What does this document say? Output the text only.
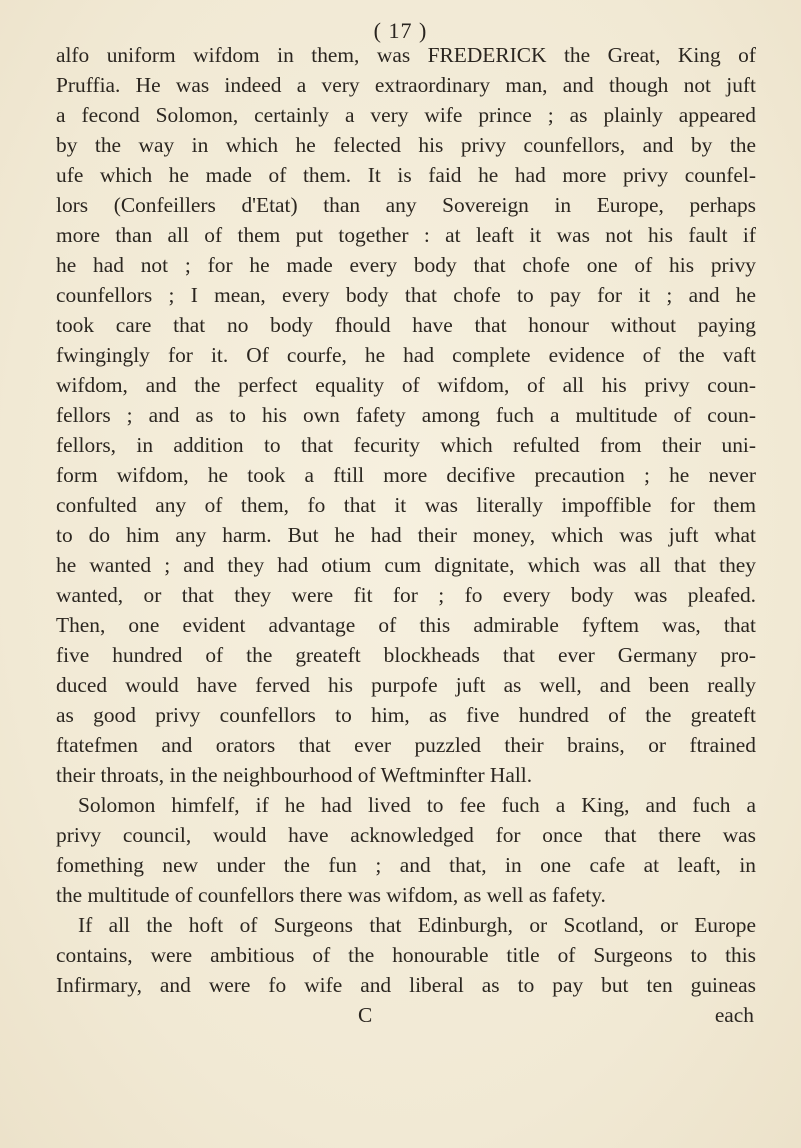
( 17 )
alfo uniform wifdom in them, was FREDERICK the Great, King of
Pruffia. He was indeed a very extraordinary man, and though not juft
a fecond Solomon, certainly a very wife prince ; as plainly appeared
by the way in which he felected his privy counfellors, and by the
ufe which he made of them. It is faid he had more privy counfel-
lors (Confeillers d'Etat) than any Sovereign in Europe, perhaps
more than all of them put together : at leaft it was not his fault if
he had not ; for he made every body that chofe one of his privy
counfellors ; I mean, every body that chofe to pay for it ; and he
took care that no body fhould have that honour without paying
fwingingly for it. Of courfe, he had complete evidence of the vaft
wifdom, and the perfect equality of wifdom, of all his privy coun-
fellors ; and as to his own fafety among fuch a multitude of coun-
fellors, in addition to that fecurity which refulted from their uni-
form wifdom, he took a ftill more decifive precaution ; he never
confulted any of them, fo that it was literally impoffible for them
to do him any harm. But he had their money, which was juft what
he wanted ; and they had otium cum dignitate, which was all that they
wanted, or that they were fit for ; fo every body was pleafed.
Then, one evident advantage of this admirable fyftem was, that
five hundred of the greateft blockheads that ever Germany pro-
duced would have ferved his purpofe juft as well, and been really
as good privy counfellors to him, as five hundred of the greateft
ftatefmen and orators that ever puzzled their brains, or ftrained
their throats, in the neighbourhood of Weftminfter Hall.
Solomon himfelf, if he had lived to fee fuch a King, and fuch a
privy council, would have acknowledged for once that there was
fomething new under the fun ; and that, in one cafe at leaft, in
the multitude of counfellors there was wifdom, as well as fafety.
If all the hoft of Surgeons that Edinburgh, or Scotland, or Europe
contains, were ambitious of the honourable title of Surgeons to this
Infirmary, and were fo wife and liberal as to pay but ten guineas
C	each
